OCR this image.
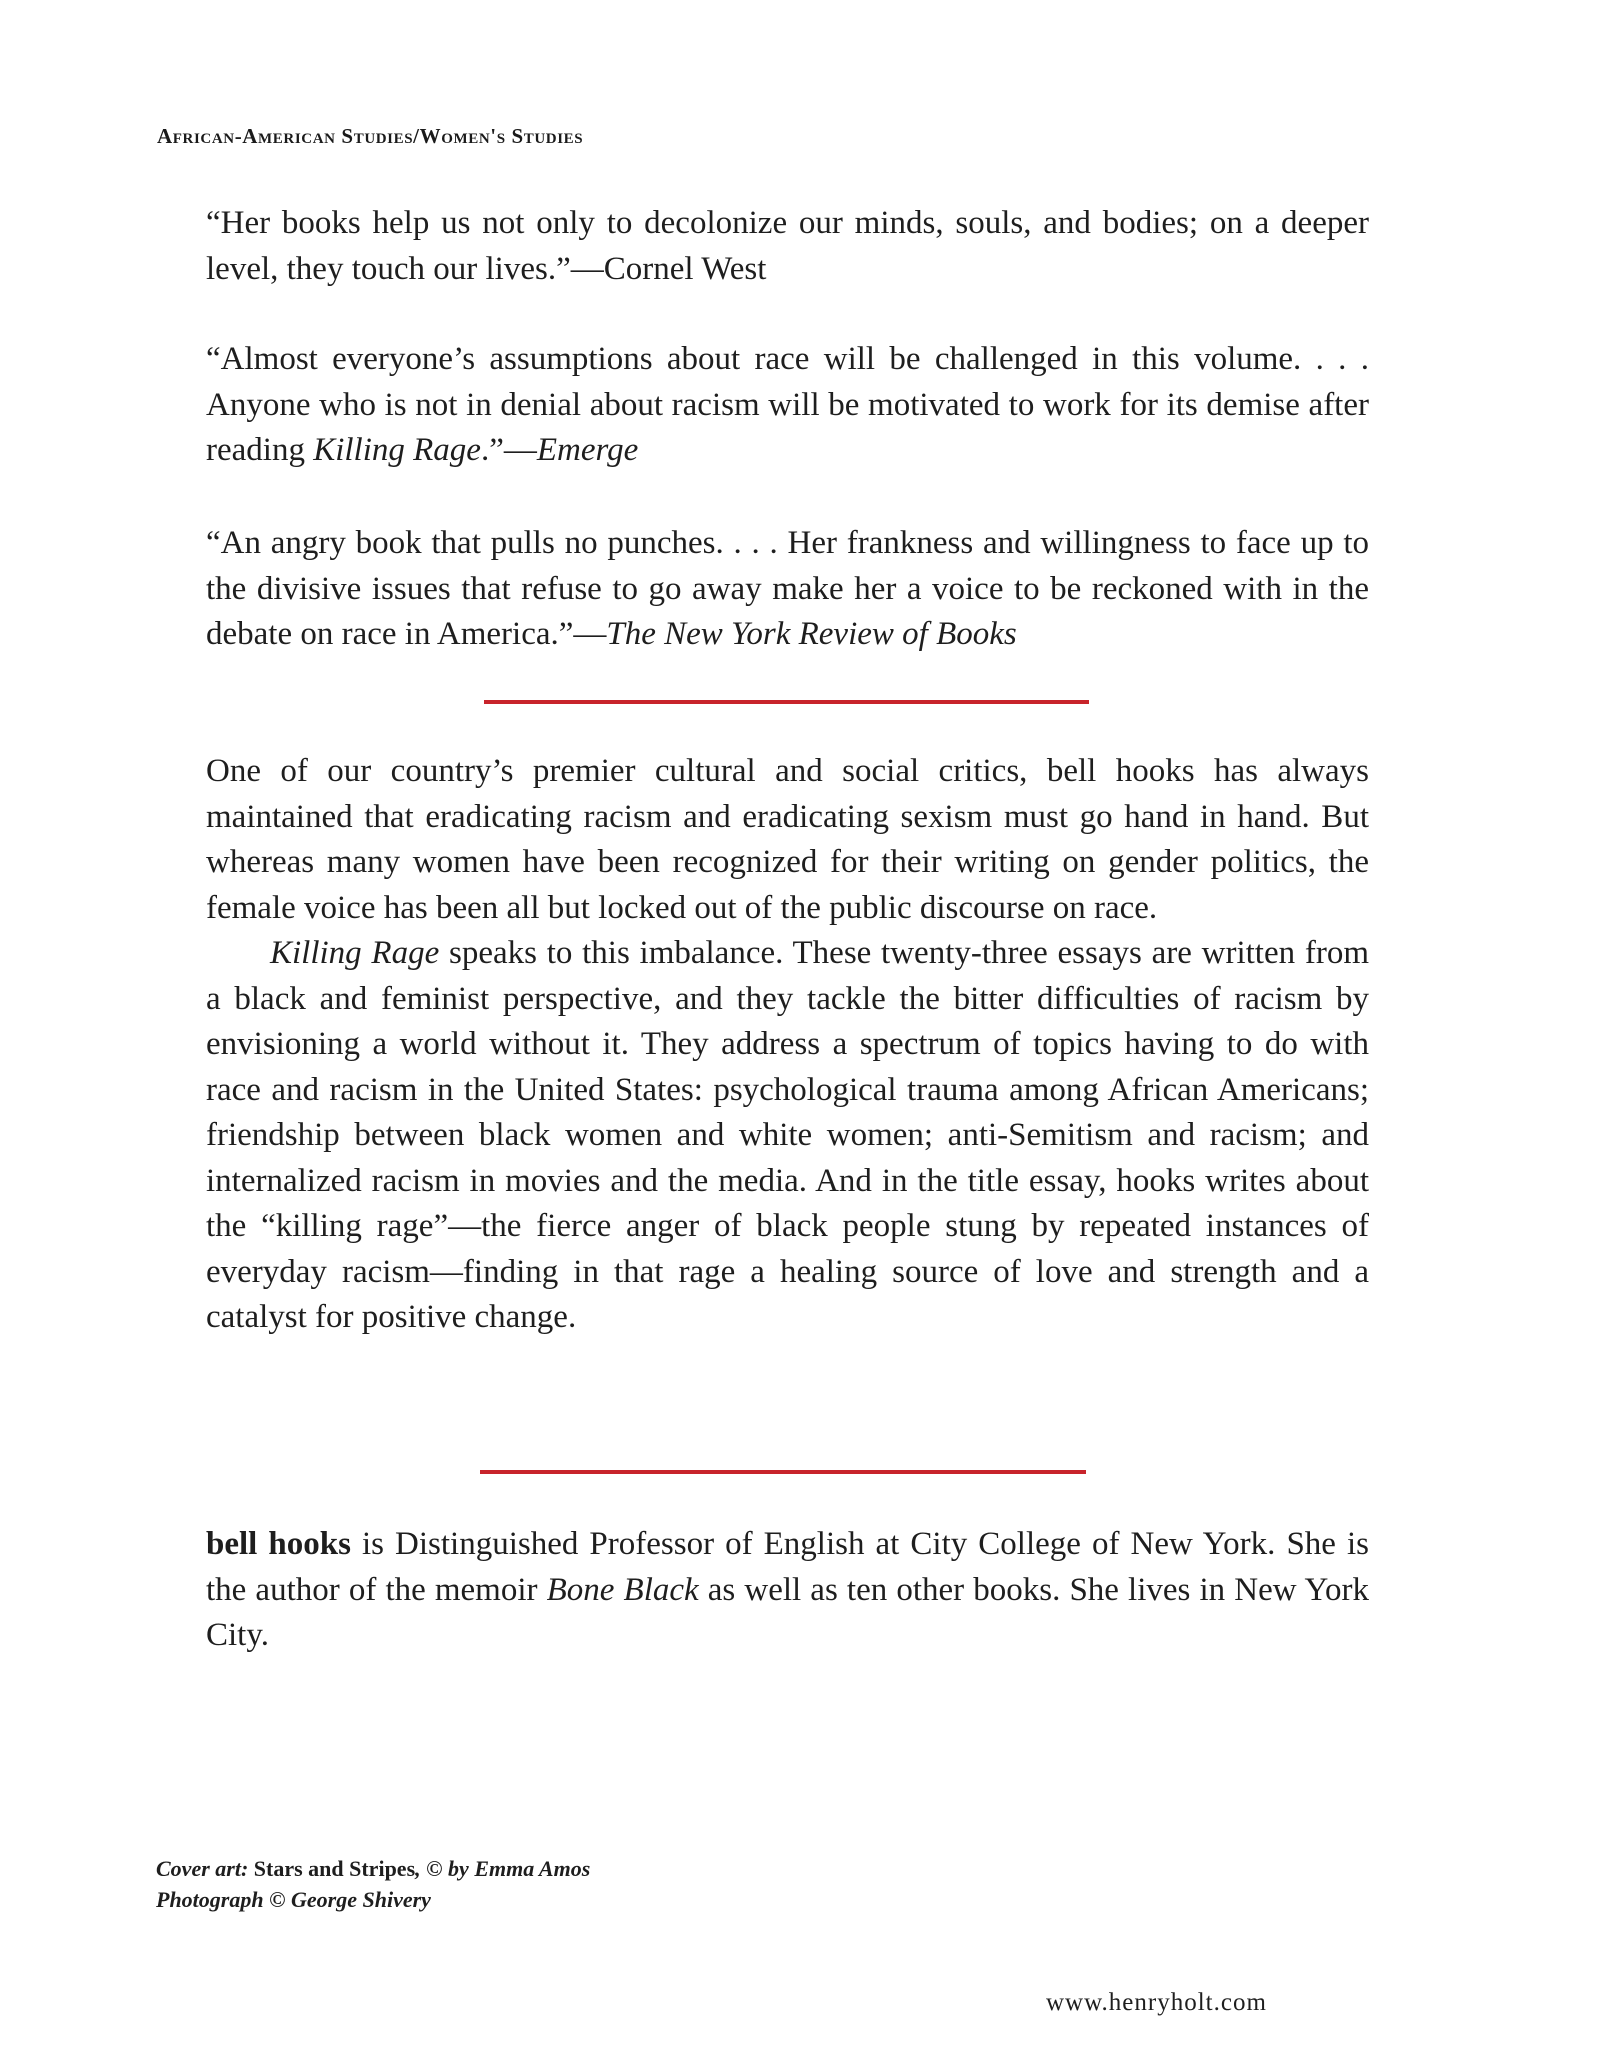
African-American Studies/Women's Studies

“Her books help us not only to decolonize our minds, souls, and bodies; on a deeper level, they touch our lives.”—Cornel West

“Almost everyone’s assumptions about race will be challenged in this volume. . . . Anyone who is not in denial about racism will be motivated to work for its demise after reading Killing Rage.”—Emerge

“An angry book that pulls no punches. . . . Her frankness and willingness to face up to the divisive issues that refuse to go away make her a voice to be reckoned with in the debate on race in America.”—The New York Review of Books

One of our country’s premier cultural and social critics, bell hooks has always maintained that eradicating racism and eradicating sexism must go hand in hand. But whereas many women have been recognized for their writing on gender politics, the female voice has been all but locked out of the public discourse on race.

Killing Rage speaks to this imbalance. These twenty-three essays are written from a black and feminist perspective, and they tackle the bitter difficulties of racism by envisioning a world without it. They address a spectrum of topics having to do with race and racism in the United States: psychological trauma among African Americans; friendship between black women and white women; anti-Semitism and racism; and internalized racism in movies and the media. And in the title essay, hooks writes about the “killing rage”—the fierce anger of black people stung by repeated instances of everyday racism—finding in that rage a healing source of love and strength and a catalyst for positive change.

bell hooks is Distinguished Professor of English at City College of New York. She is the author of the memoir Bone Black as well as ten other books. She lives in New York City.

Cover art: Stars and Stripes, © by Emma Amos
Photograph © George Shivery
www.henryholt.com
